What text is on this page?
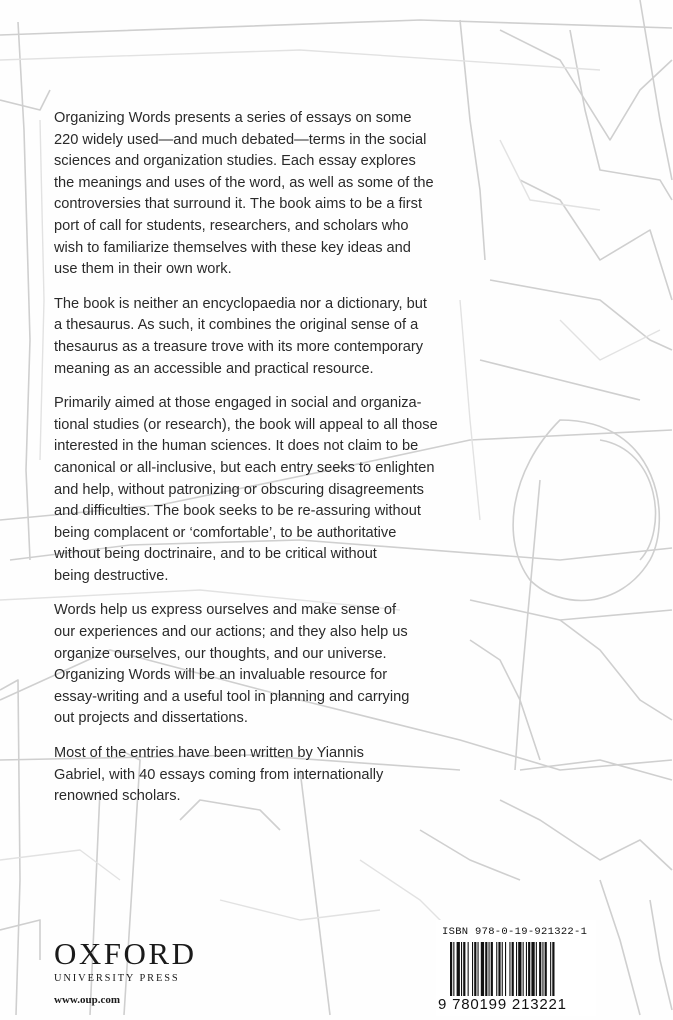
Organizing Words presents a series of essays on some
220 widely used—and much debated—terms in the social
sciences and organization studies. Each essay explores
the meanings and uses of the word, as well as some of the
controversies that surround it. The book aims to be a first
port of call for students, researchers, and scholars who
wish to familiarize themselves with these key ideas and
use them in their own work.

The book is neither an encyclopaedia nor a dictionary, but
a thesaurus. As such, it combines the original sense of a
thesaurus as a treasure trove with its more contemporary
meaning as an accessible and practical resource.

Primarily aimed at those engaged in social and organiza-
tional studies (or research), the book will appeal to all those
interested in the human sciences. It does not claim to be
canonical or all-inclusive, but each entry seeks to enlighten
and help, without patronizing or obscuring disagreements
and difficulties. The book seeks to be re-assuring without
being complacent or ‘comfortable’, to be authoritative
without being doctrinaire, and to be critical without
being destructive.

Words help us express ourselves and make sense of
our experiences and our actions; and they also help us
organize ourselves, our thoughts, and our universe.
Organizing Words will be an invaluable resource for
essay-writing and a useful tool in planning and carrying
out projects and dissertations.

Most of the entries have been written by Yiannis
Gabriel, with 40 essays coming from internationally
renowned scholars.

OXFORD
UNIVERSITY PRESS
www.oup.com
ISBN 978-0-19-921322-1
9 780199 213221
